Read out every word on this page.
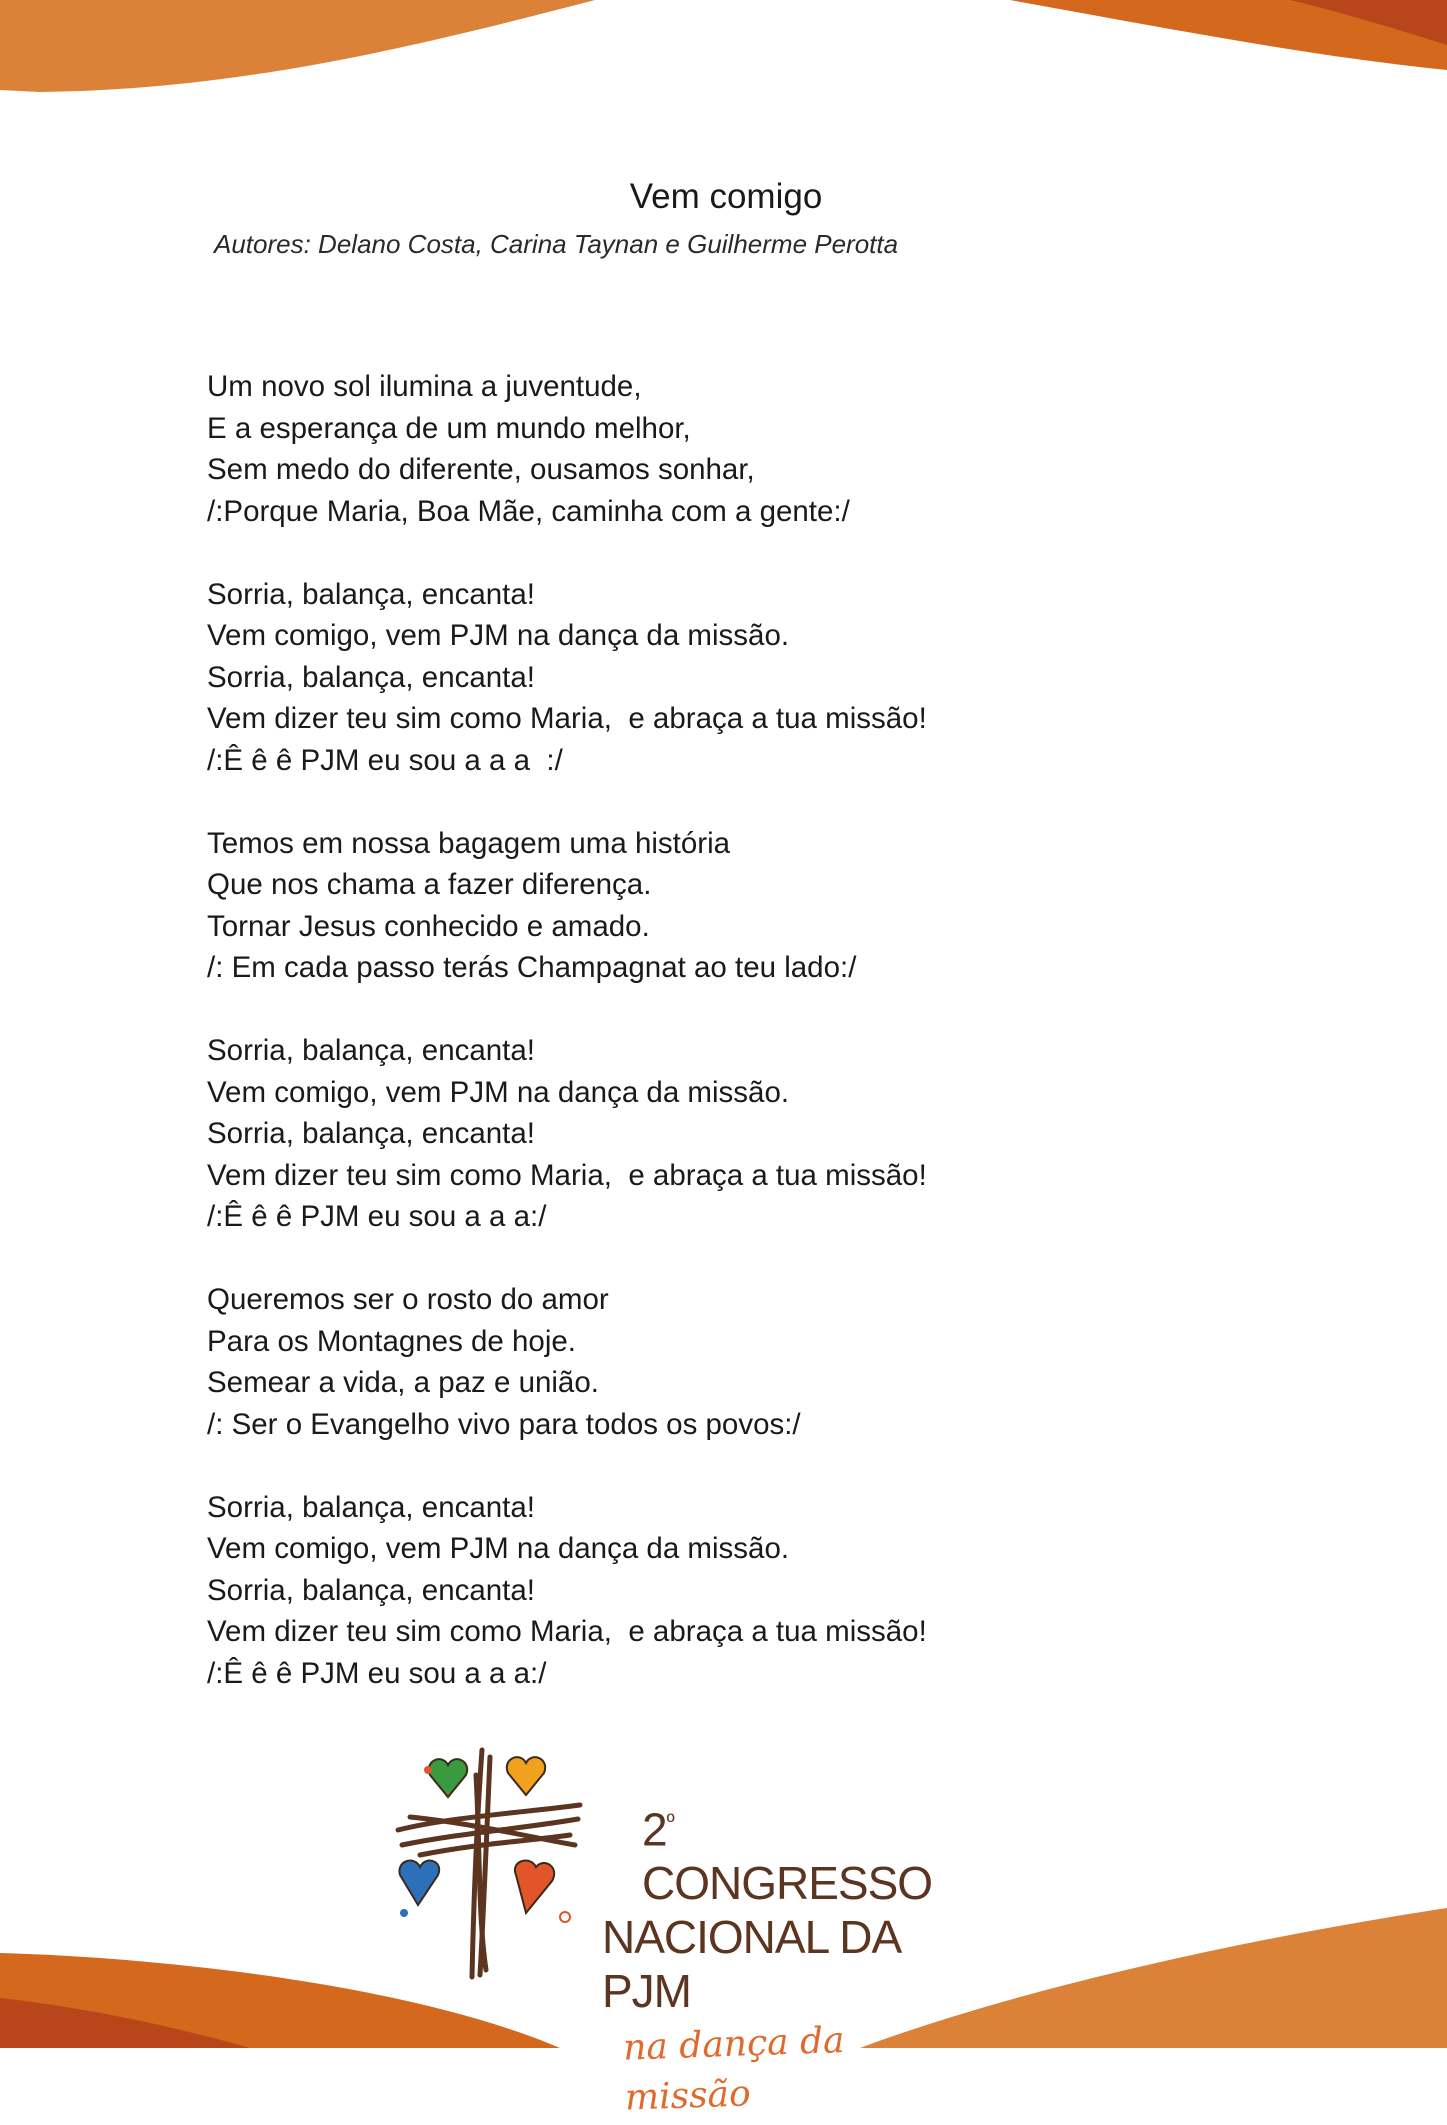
Vem comigo
Autores: Delano Costa, Carina Taynan e Guilherme Perotta
Um novo sol ilumina a juventude,
E a esperança de um mundo melhor,
Sem medo do diferente, ousamos sonhar,
/:Porque Maria, Boa Mãe, caminha com a gente:/
Sorria, balança, encanta!
Vem comigo, vem PJM na dança da missão.
Sorria, balança, encanta!
Vem dizer teu sim como Maria,  e abraça a tua missão!
/:Ê ê ê PJM eu sou a a a  :/
Temos em nossa bagagem uma história
Que nos chama a fazer diferença.
Tornar Jesus conhecido e amado.
/: Em cada passo terás Champagnat ao teu lado:/
Sorria, balança, encanta!
Vem comigo, vem PJM na dança da missão.
Sorria, balança, encanta!
Vem dizer teu sim como Maria,  e abraça a tua missão!
/:Ê ê ê PJM eu sou a a a:/
Queremos ser o rosto do amor
Para os Montagnes de hoje.
Semear a vida, a paz e união.
/: Ser o Evangelho vivo para todos os povos:/
Sorria, balança, encanta!
Vem comigo, vem PJM na dança da missão.
Sorria, balança, encanta!
Vem dizer teu sim como Maria,  e abraça a tua missão!
/:Ê ê ê PJM eu sou a a a:/
$2^º$ CONGRESSO
NACIONAL DA PJM
na dança da missão
